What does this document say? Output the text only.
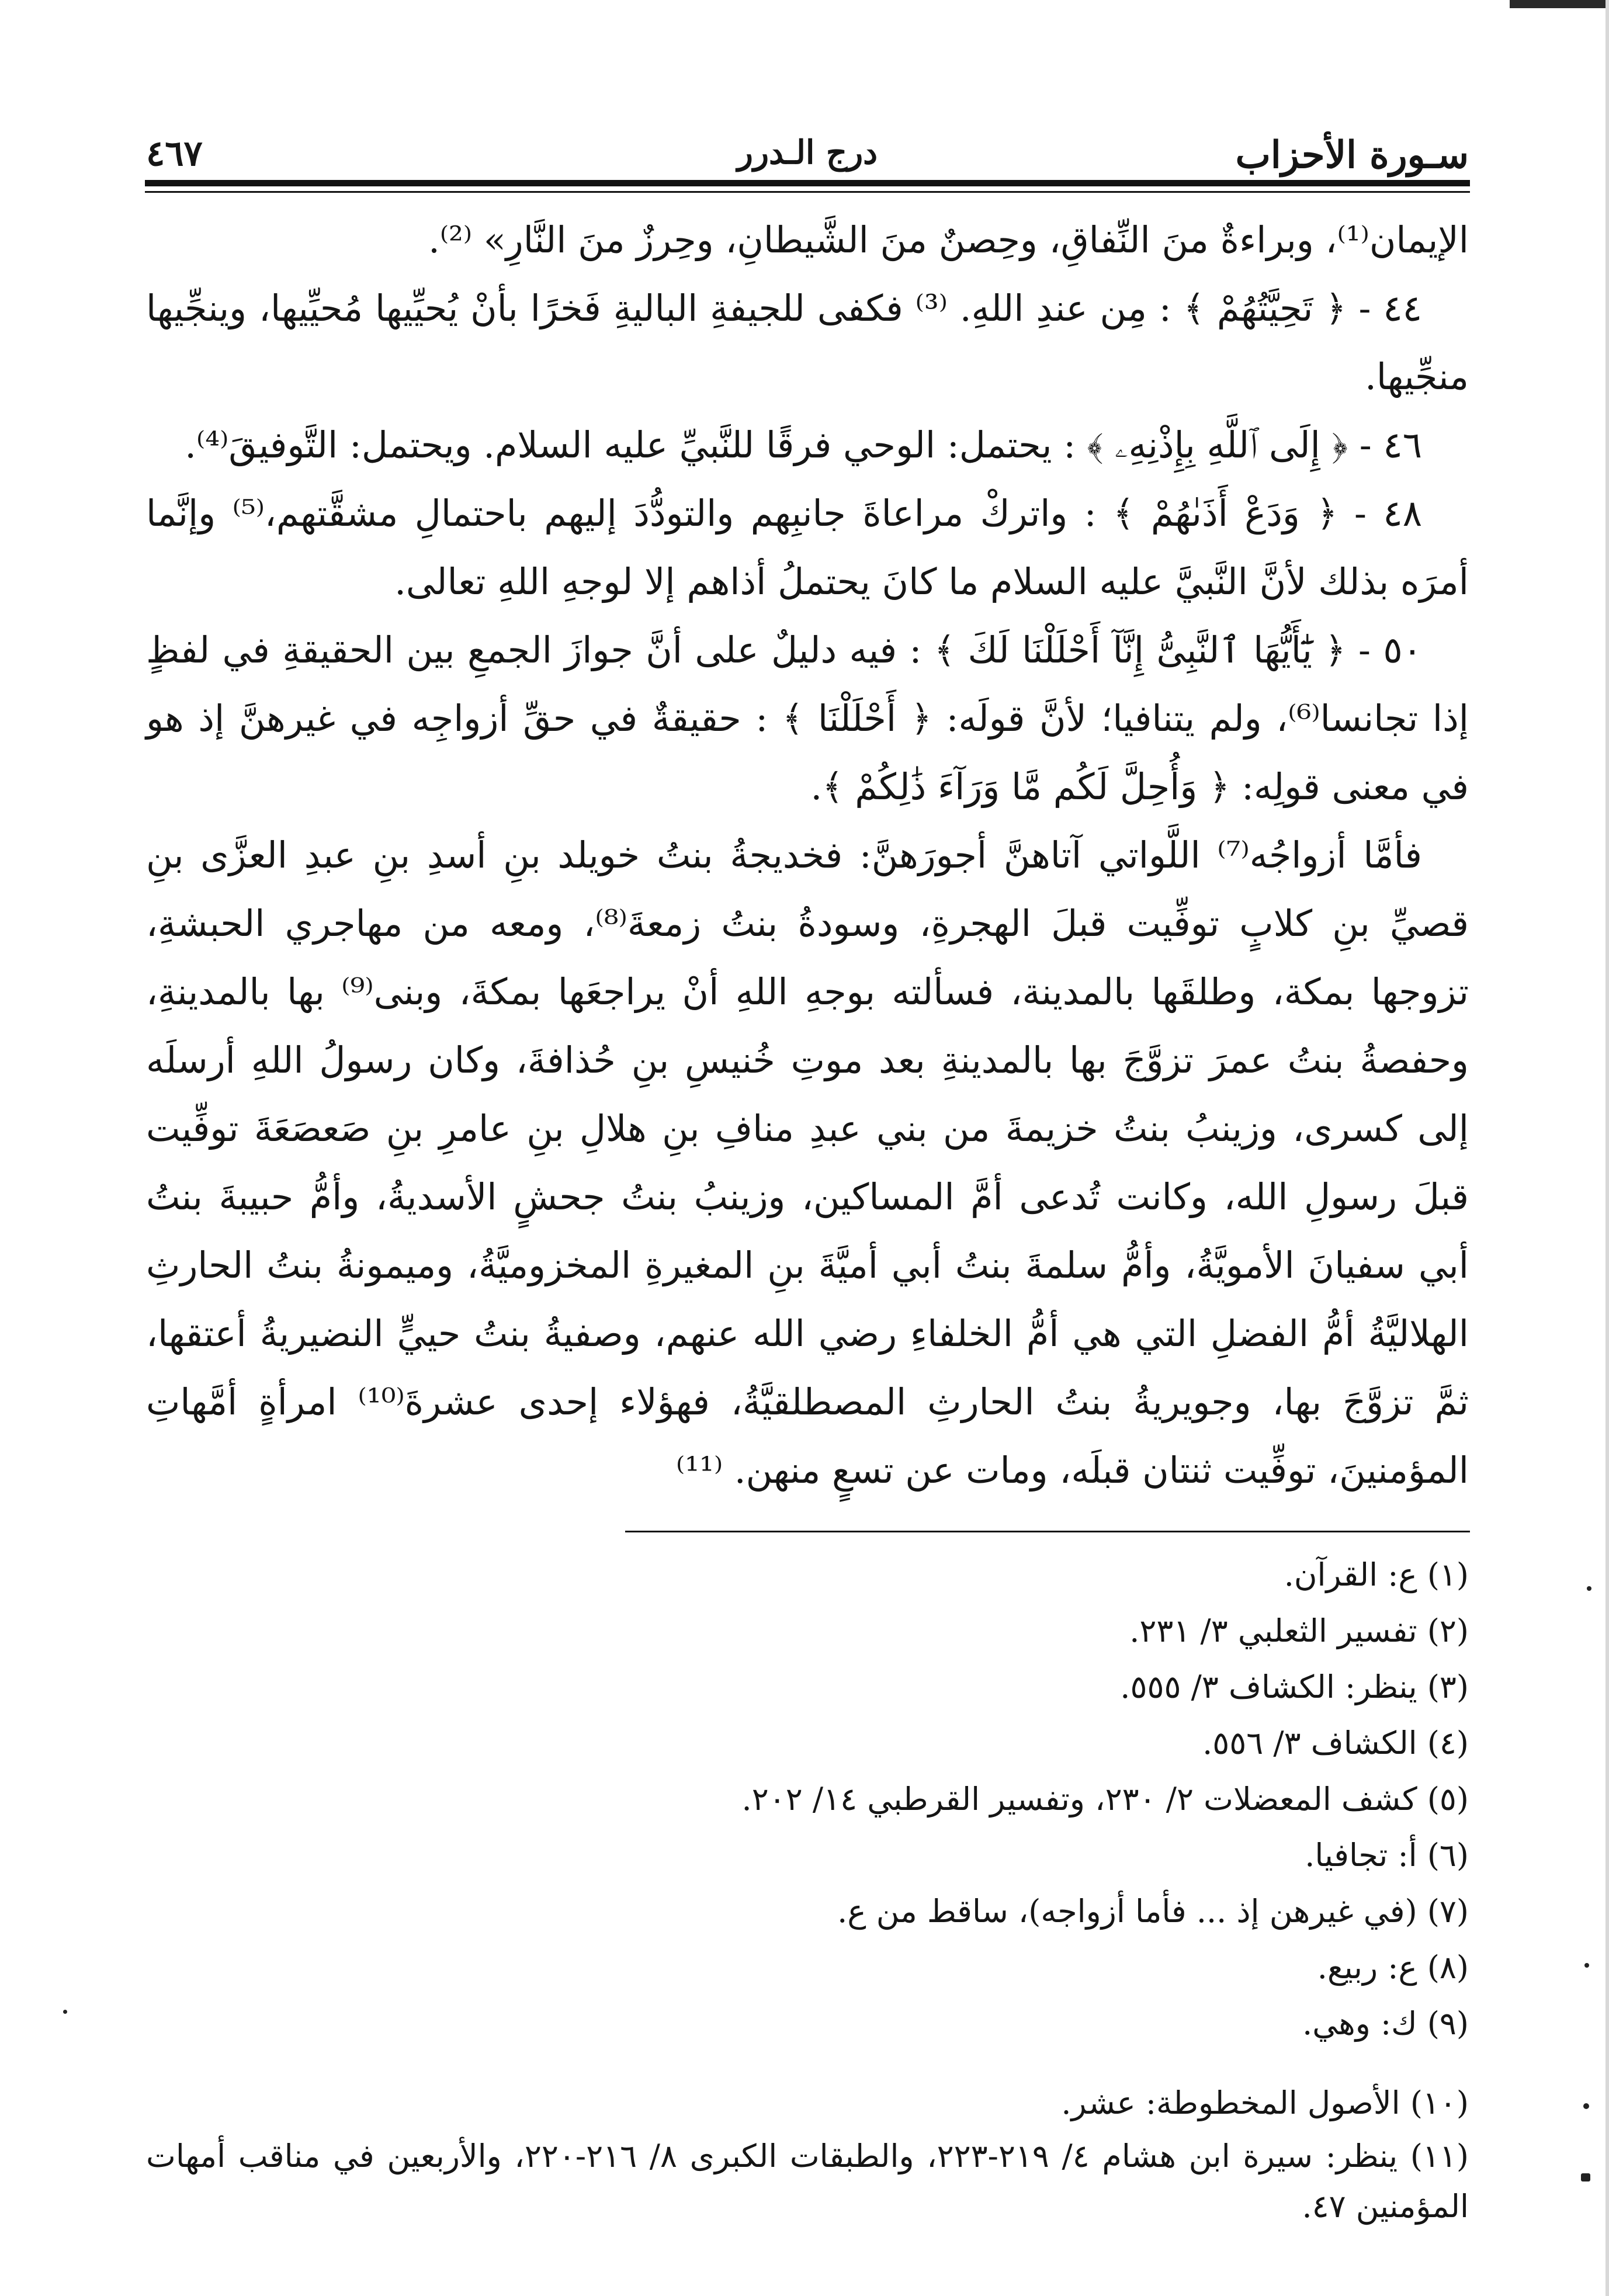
سـورة الأحزاب
درج الـدرر
٤٦٧

الإيمان⁽¹⁾، وبراءةٌ منَ النِّفاقِ، وحِصنٌ منَ الشَّيطانِ، وحِرزٌ منَ النَّارِ» ⁽²⁾.

٤٤ - ﴿ تَحِيَّتُهُمْ ﴾ : مِن عندِ اللهِ. ⁽³⁾ فكفى للجيفةِ الباليةِ فَخرًا بأنْ يُحيِّيها مُحيِّيها، وينجِّيها منجِّيها.

٤٦ - ﴿ إِلَى ٱللَّهِ بِإِذْنِهِۦ ﴾ : يحتمل: الوحي فرقًا للنَّبيِّ عليه السلام. ويحتمل: التَّوفيقَ⁽⁴⁾.

٤٨ - ﴿ وَدَعْ أَذَىٰهُمْ ﴾ : واتركْ مراعاةَ جانبِهم والتودُّدَ إليهم باحتمالِ مشقَّتهم،⁽⁵⁾ وإنَّما أمرَه بذلك لأنَّ النَّبيَّ عليه السلام ما كانَ يحتملُ أذاهم إلا لوجهِ اللهِ تعالى.

٥٠ - ﴿ يَٰٓأَيُّهَا ٱلنَّبِىُّ إِنَّآ أَحْلَلْنَا لَكَ ﴾ : فيه دليلٌ على أنَّ جوازَ الجمعِ بين الحقيقةِ في لفظٍ إذا تجانسا⁽⁶⁾، ولم يتنافيا؛ لأنَّ قولَه: ﴿ أَحْلَلْنَا ﴾ : حقيقةٌ في حقِّ أزواجِه في غيرهنَّ إذ هو في معنى قولِه: ﴿ وَأُحِلَّ لَكُم مَّا وَرَآءَ ذَٰلِكُمْ ﴾.

فأمَّا أزواجُه⁽⁷⁾ اللَّواتي آتاهنَّ أجورَهنَّ: فخديجةُ بنتُ خويلد بنِ أسدِ بنِ عبدِ العزَّى بنِ قصيِّ بنِ كلابٍ توفِّيت قبلَ الهجرةِ، وسودةُ بنتُ زمعةَ⁽⁸⁾، ومعه من مهاجري الحبشةِ، تزوجها بمكة، وطلقَها بالمدينة، فسألته بوجهِ اللهِ أنْ يراجعَها بمكةَ، وبنى⁽⁹⁾ بها بالمدينةِ، وحفصةُ بنتُ عمرَ تزوَّجَ بها بالمدينةِ بعد موتِ خُنيسِ بنِ حُذافةَ، وكان رسولُ اللهِ أرسلَه إلى كسرى، وزينبُ بنتُ خزيمةَ من بني عبدِ منافِ بنِ هلالِ بنِ عامرِ بنِ صَعصَعَةَ توفِّيت قبلَ رسولِ الله، وكانت تُدعى أمَّ المساكين، وزينبُ بنتُ جحشٍ الأسديةُ، وأمُّ حبيبةَ بنتُ أبي سفيانَ الأمويَّةُ، وأمُّ سلمةَ بنتُ أبي أميَّةَ بنِ المغيرةِ المخزوميَّةُ، وميمونةُ بنتُ الحارثِ الهلاليَّةُ أمُّ الفضلِ التي هي أمُّ الخلفاءِ رضي الله عنهم، وصفيةُ بنتُ حييٍّ النضيريةُ أعتقها، ثمَّ تزوَّجَ بها، وجويريةُ بنتُ الحارثِ المصطلقيَّةُ، فهؤلاء إحدى عشرةَ⁽¹⁰⁾ امرأةٍ أمَّهاتِ المؤمنينَ، توفِّيت ثنتان قبلَه، ومات عن تسعٍ منهن. ⁽¹¹⁾

(١) ع: القرآن.

(٢) تفسير الثعلبي ٣/ ٢٣١.

(٣) ينظر: الكشاف ٣/ ٥٥٥.

(٤) الكشاف ٣/ ٥٥٦.

(٥) كشف المعضلات ٢/ ٢٣٠، وتفسير القرطبي ١٤/ ٢٠٢.

(٦) أ: تجافيا.

(٧) (في غيرهن إذ ... فأما أزواجه)، ساقط من ع.

(٨) ع: ربيع.

(٩) ك: وهي.

(١٠) الأصول المخطوطة: عشر.

(١١) ينظر: سيرة ابن هشام ٤/ ٢١٩-٢٢٣، والطبقات الكبرى ٨/ ٢١٦-٢٢٠، والأربعين في مناقب أمهات المؤمنين ٤٧.
